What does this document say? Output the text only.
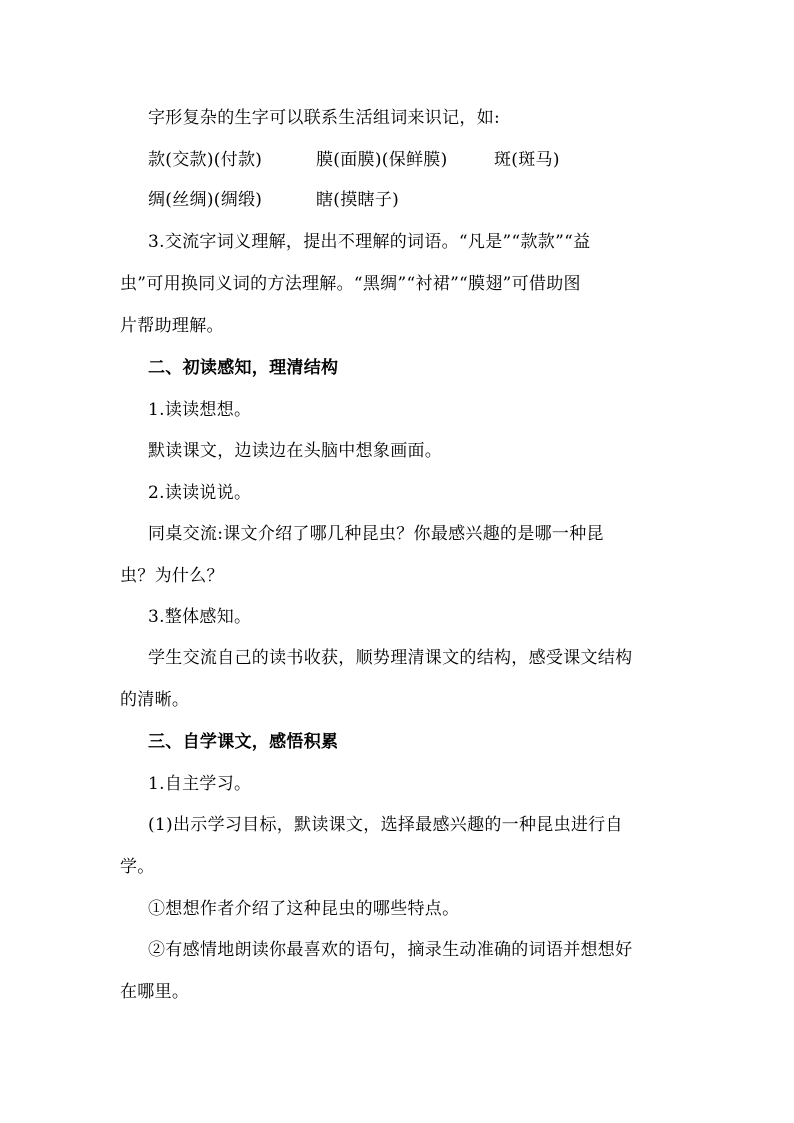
字形复杂的生字可以联系生活组词来识记，如:
款(交款)(付款)	膜(面膜)(保鲜膜)	斑(斑马)
绸(丝绸)(绸缎)	瞎(摸瞎子)
3.交流字词义理解，提出不理解的词语。“凡是”“款款”“益
虫”可用换同义词的方法理解。“黑绸”“衬裙”“膜翅”可借助图
片帮助理解。
二、初读感知，理清结构
1.读读想想。
默读课文，边读边在头脑中想象画面。
2.读读说说。
同桌交流:课文介绍了哪几种昆虫？你最感兴趣的是哪一种昆
虫？为什么？
3.整体感知。
学生交流自己的读书收获，顺势理清课文的结构，感受课文结构
的清晰。
三、自学课文，感悟积累
1.自主学习。
(1)出示学习目标，默读课文，选择最感兴趣的一种昆虫进行自
学。
①想想作者介绍了这种昆虫的哪些特点。
②有感情地朗读你最喜欢的语句，摘录生动准确的词语并想想好
在哪里。
